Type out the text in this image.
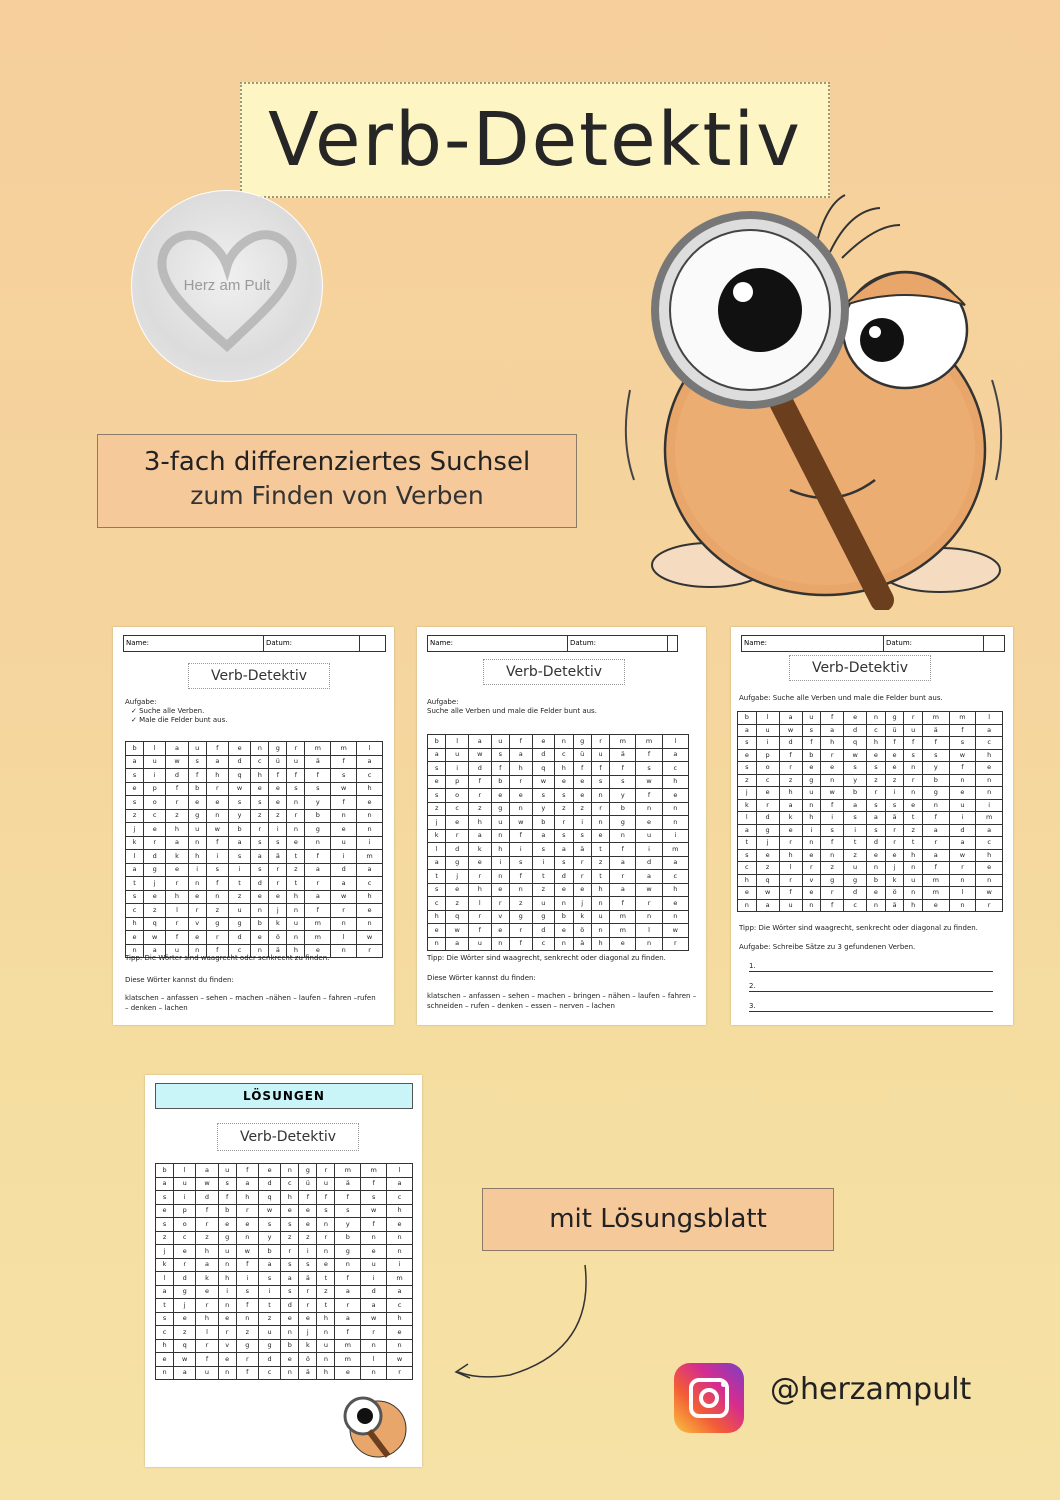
Verb-Detektiv
Herz am Pult
3-fach differenziertes Suchsel
zum Finden von Verben
Name:	Datum:
Verb-Detektiv
Aufgabe:
✓ Suche alle Verben.
✓ Male die Felder bunt aus.
b	l	a	u	f	e	n	g	r	m	m	l
a	u	w	s	a	d	c	ü	u	ä	f	a
s	i	d	f	h	q	h	f	f	f	s	c
e	p	f	b	r	w	e	e	s	s	w	h
s	o	r	e	e	s	s	e	n	y	f	e
z	c	z	g	n	y	z	z	r	b	n	n
j	e	h	u	w	b	r	i	n	g	e	n
k	r	a	n	f	a	s	s	e	n	u	i
l	d	k	h	i	s	a	ä	t	f	i	m
a	g	e	i	s	i	s	r	z	a	d	a
t	j	r	n	f	t	d	r	t	r	a	c
s	e	h	e	n	z	e	e	h	a	w	h
c	z	l	r	z	u	n	j	n	f	r	e
h	q	r	v	g	g	b	k	u	m	n	n
e	w	f	e	r	d	e	ö	n	m	l	w
n	a	u	n	f	c	n	ä	h	e	n	r
Tipp: Die Wörter sind waagrecht oder senkrecht zu finden.
Diese Wörter kannst du finden:
klatschen – anfassen – sehen – machen –nähen – laufen – fahren –rufen – denken – lachen
Name:	Datum:
Verb-Detektiv
Aufgabe:
Suche alle Verben und male die Felder bunt aus.
b	l	a	u	f	e	n	g	r	m	m	l
a	u	w	s	a	d	c	ü	u	ä	f	a
s	i	d	f	h	q	h	f	f	f	s	c
e	p	f	b	r	w	e	e	s	s	w	h
s	o	r	e	e	s	s	e	n	y	f	e
z	c	z	g	n	y	z	z	r	b	n	n
j	e	h	u	w	b	r	i	n	g	e	n
k	r	a	n	f	a	s	s	e	n	u	i
l	d	k	h	i	s	a	ä	t	f	i	m
a	g	e	i	s	i	s	r	z	a	d	a
t	j	r	n	f	t	d	r	t	r	a	c
s	e	h	e	n	z	e	e	h	a	w	h
c	z	l	r	z	u	n	j	n	f	r	e
h	q	r	v	g	g	b	k	u	m	n	n
e	w	f	e	r	d	e	ö	n	m	l	w
n	a	u	n	f	c	n	ä	h	e	n	r
Tipp: Die Wörter sind waagrecht, senkrecht oder diagonal zu finden.
Diese Wörter kannst du finden:
klatschen – anfassen – sehen – machen – bringen – nähen – laufen – fahren – schneiden – rufen – denken – essen – nerven – lachen
Name:	Datum:
Verb-Detektiv
Aufgabe: Suche alle Verben und male die Felder bunt aus.
b	l	a	u	f	e	n	g	r	m	m	l
a	u	w	s	a	d	c	ü	u	ä	f	a
s	i	d	f	h	q	h	f	f	f	s	c
e	p	f	b	r	w	e	e	s	s	w	h
s	o	r	e	e	s	s	e	n	y	f	e
z	c	z	g	n	y	z	z	r	b	n	n
j	e	h	u	w	b	r	i	n	g	e	n
k	r	a	n	f	a	s	s	e	n	u	i
l	d	k	h	i	s	a	ä	t	f	i	m
a	g	e	i	s	i	s	r	z	a	d	a
t	j	r	n	f	t	d	r	t	r	a	c
s	e	h	e	n	z	e	e	h	a	w	h
c	z	l	r	z	u	n	j	n	f	r	e
h	q	r	v	g	g	b	k	u	m	n	n
e	w	f	e	r	d	e	ö	n	m	l	w
n	a	u	n	f	c	n	ä	h	e	n	r
Tipp: Die Wörter sind waagrecht, senkrecht oder diagonal zu finden.
Aufgabe: Schreibe Sätze zu 3 gefundenen Verben.
1.
2.
3.
LÖSUNGEN
Verb-Detektiv
b	l	a	u	f	e	n	g	r	m	m	l
a	u	w	s	a	d	c	ü	u	ä	f	a
s	i	d	f	h	q	h	f	f	f	s	c
e	p	f	b	r	w	e	e	s	s	w	h
s	o	r	e	e	s	s	e	n	y	f	e
z	c	z	g	n	y	z	z	r	b	n	n
j	e	h	u	w	b	r	i	n	g	e	n
k	r	a	n	f	a	s	s	e	n	u	i
l	d	k	h	i	s	a	ä	t	f	i	m
a	g	e	i	s	i	s	r	z	a	d	a
t	j	r	n	f	t	d	r	t	r	a	c
s	e	h	e	n	z	e	e	h	a	w	h
c	z	l	r	z	u	n	j	n	f	r	e
h	q	r	v	g	g	b	k	u	m	n	n
e	w	f	e	r	d	e	ö	n	m	l	w
n	a	u	n	f	c	n	ä	h	e	n	r
mit Lösungsblatt
@herzampult
